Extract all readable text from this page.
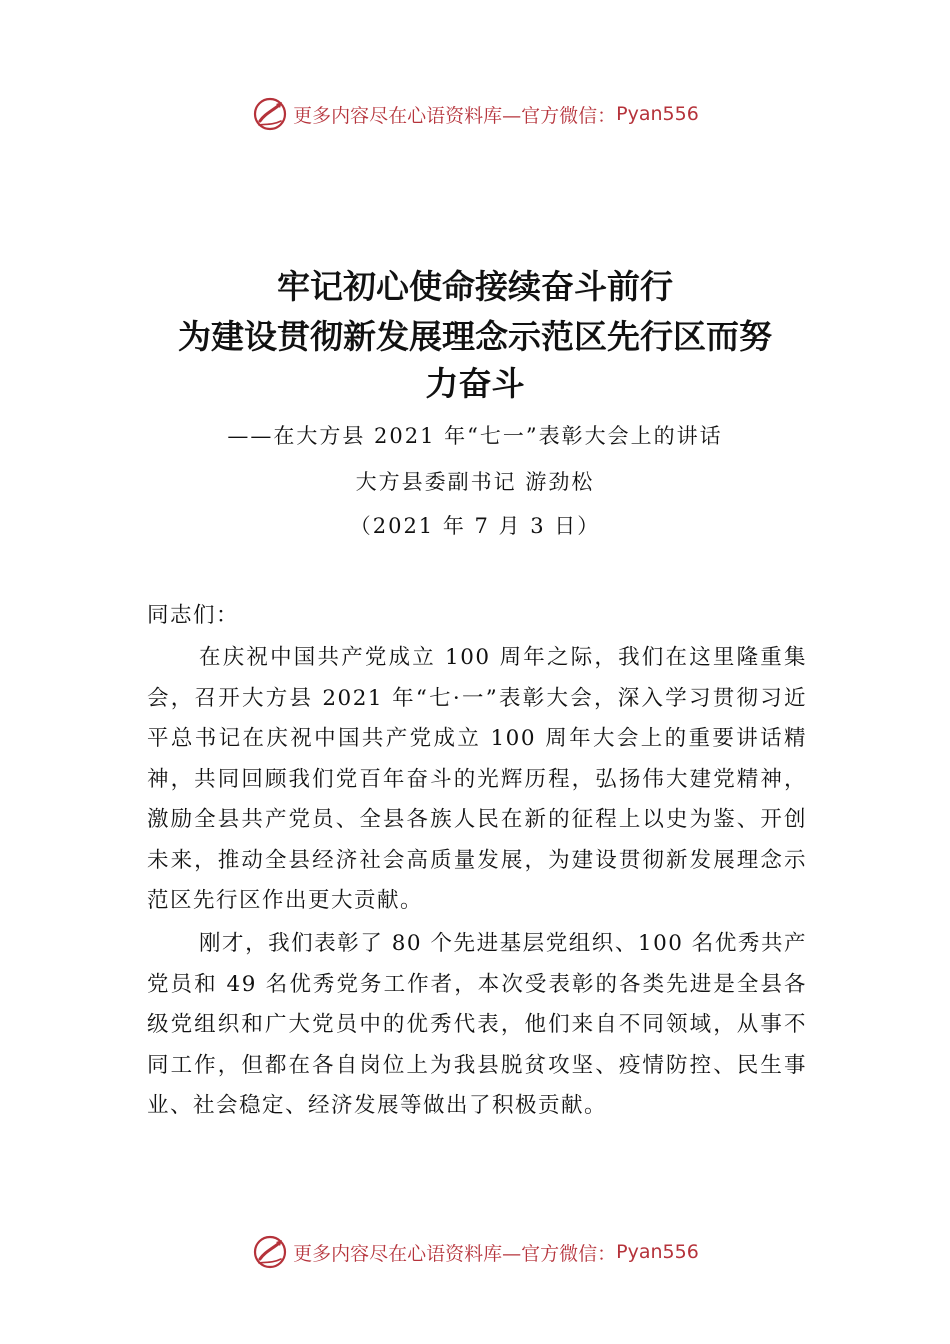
更多内容尽在心语资料库—官方微信： Pyan556
牢记初心使命接续奋斗前行
为建设贯彻新发展理念示范区先行区而努
力奋斗
——在大方县 2021 年“七一”表彰大会上的讲话
大方县委副书记 游劲松
（2021 年 7 月 3 日）
同志们：
在庆祝中国共产党成立 100 周年之际，我们在这里隆重集会，召开大方县 2021 年“七·一”表彰大会，深入学习贯彻习近平总书记在庆祝中国共产党成立 100 周年大会上的重要讲话精神，共同回顾我们党百年奋斗的光辉历程，弘扬伟大建党精神，激励全县共产党员、全县各族人民在新的征程上以史为鉴、开创未来，推动全县经济社会高质量发展，为建设贯彻新发展理念示范区先行区作出更大贡献。
刚才，我们表彰了 80 个先进基层党组织、100 名优秀共产党员和 49 名优秀党务工作者，本次受表彰的各类先进是全县各级党组织和广大党员中的优秀代表，他们来自不同领域，从事不同工作，但都在各自岗位上为我县脱贫攻坚、疫情防控、民生事业、社会稳定、经济发展等做出了积极贡献。
更多内容尽在心语资料库—官方微信： Pyan556
